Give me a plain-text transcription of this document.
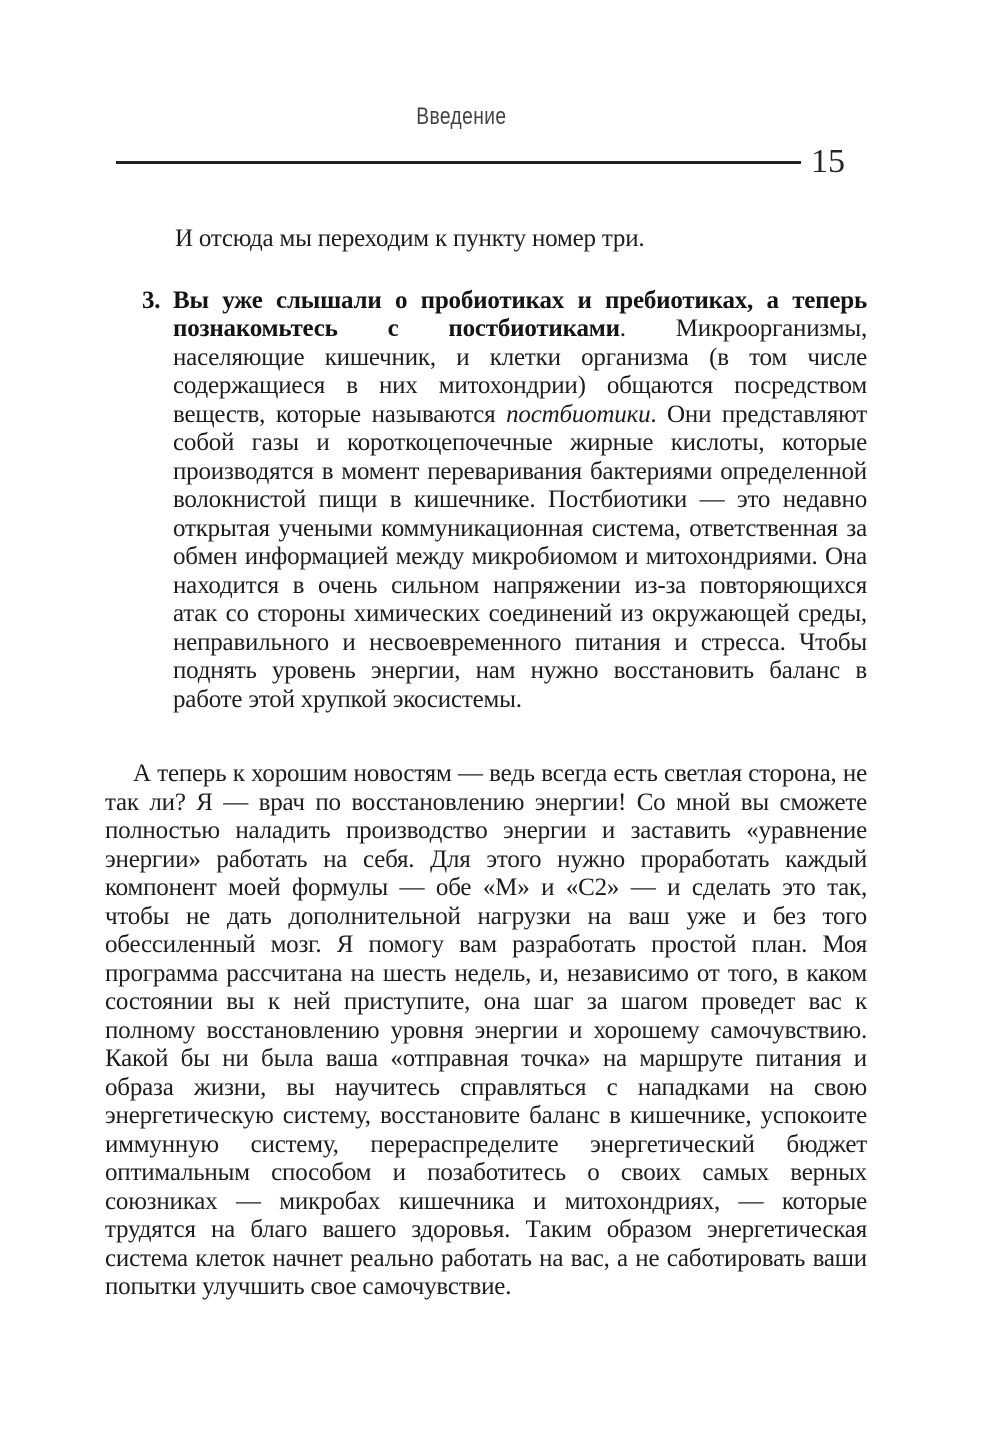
Введение
15

И отсюда мы переходим к пункту номер три.

3. Вы уже слышали о пробиотиках и пребиотиках, а теперь познакомьтесь с постбиотиками. Микроорганизмы, населяющие кишечник, и клетки организма (в том числе содержащиеся в них митохондрии) общаются посредством веществ, которые называются постбиотики. Они представляют собой газы и короткоцепочечные жирные кислоты, которые производятся в момент переваривания бактериями определенной волокнистой пищи в кишечнике. Постбиотики — это недавно открытая учеными коммуникационная система, ответственная за обмен информацией между микробиомом и митохондриями. Она находится в очень сильном напряжении из-за повторяющихся атак со стороны химических соединений из окружающей среды, неправильного и несвоевременного питания и стресса. Чтобы поднять уровень энергии, нам нужно восстановить баланс в работе этой хрупкой экосистемы.

А теперь к хорошим новостям — ведь всегда есть светлая сторона, не так ли? Я — врач по восстановлению энергии! Со мной вы сможете полностью наладить производство энергии и заставить «уравнение энергии» работать на себя. Для этого нужно проработать каждый компонент моей формулы — обе «М» и «С2» — и сделать это так, чтобы не дать дополнительной нагрузки на ваш уже и без того обессиленный мозг. Я помогу вам разработать простой план. Моя программа рассчитана на шесть недель, и, независимо от того, в каком состоянии вы к ней приступите, она шаг за шагом проведет вас к полному восстановлению уровня энергии и хорошему самочувствию. Какой бы ни была ваша «отправная точка» на маршруте питания и образа жизни, вы научитесь справляться с нападками на свою энергетическую систему, восстановите баланс в кишечнике, успокоите иммунную систему, перераспределите энергетический бюджет оптимальным способом и позаботитесь о своих самых верных союзниках — микробах кишечника и митохондриях, — которые трудятся на благо вашего здоровья. Таким образом энергетическая система клеток начнет реально работать на вас, а не саботировать ваши попытки улучшить свое самочувствие.
